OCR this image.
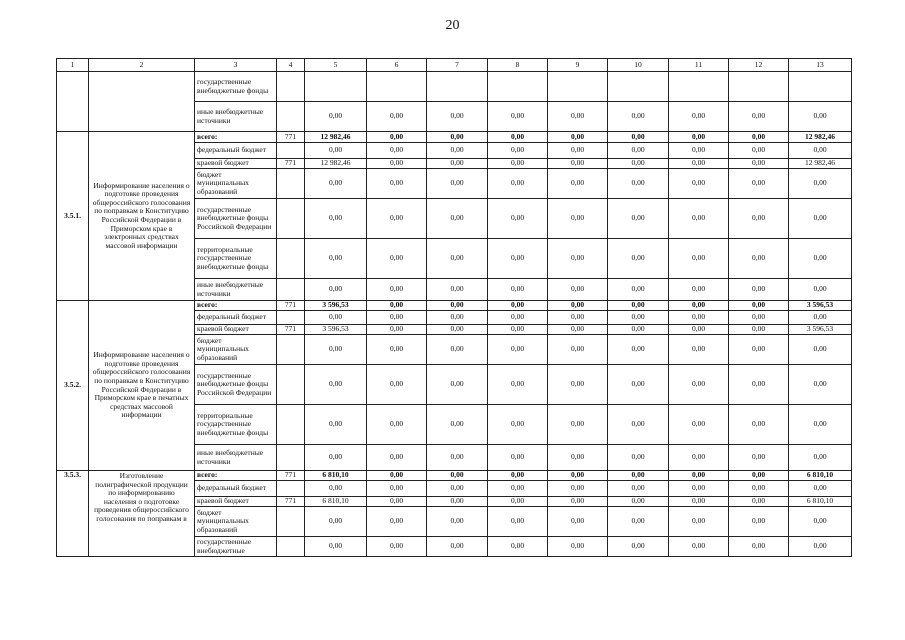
20
1	2	3	4	5	6	7	8	9	10	11	12	13
		государственные внебюджетные фонды										
		иные внебюджетные источники		0,00	0,00	0,00	0,00	0,00	0,00	0,00	0,00	0,00
3.5.1.	Информирование населения о подготовке проведения общероссийского голосования по поправкам в Конституцию Российской Федерации в Приморском крае в электронных средствах массовой информации	всего:	771	12 982,46	0,00	0,00	0,00	0,00	0,00	0,00	0,00	12 982,46
		федеральный бюджет		0,00	0,00	0,00	0,00	0,00	0,00	0,00	0,00	0,00
		краевой бюджет	771	12 982,46	0,00	0,00	0,00	0,00	0,00	0,00	0,00	12 982,46
		бюджет муниципальных образований		0,00	0,00	0,00	0,00	0,00	0,00	0,00	0,00	0,00
		государственные внебюджетные фонды Российской Федерации		0,00	0,00	0,00	0,00	0,00	0,00	0,00	0,00	0,00
		территориальные государственные внебюджетные фонды		0,00	0,00	0,00	0,00	0,00	0,00	0,00	0,00	0,00
		иные внебюджетные источники		0,00	0,00	0,00	0,00	0,00	0,00	0,00	0,00	0,00
3.5.2.	Информирование населения о подготовке проведения общероссийского голосования по поправкам в Конституцию Российской Федерации в Приморском крае в печатных средствах массовой информации	всего:	771	3 596,53	0,00	0,00	0,00	0,00	0,00	0,00	0,00	3 596,53
		федеральный бюджет		0,00	0,00	0,00	0,00	0,00	0,00	0,00	0,00	0,00
		краевой бюджет	771	3 596,53	0,00	0,00	0,00	0,00	0,00	0,00	0,00	3 596,53
		бюджет муниципальных образований		0,00	0,00	0,00	0,00	0,00	0,00	0,00	0,00	0,00
		государственные внебюджетные фонды Российской Федерации		0,00	0,00	0,00	0,00	0,00	0,00	0,00	0,00	0,00
		территориальные государственные внебюджетные фонды		0,00	0,00	0,00	0,00	0,00	0,00	0,00	0,00	0,00
		иные внебюджетные источники		0,00	0,00	0,00	0,00	0,00	0,00	0,00	0,00	0,00
3.5.3.	Изготовление полиграфической продукции по информированию населения о подготовке проведения общероссийского голосования по поправкам в	всего:	771	6 810,10	0,00	0,00	0,00	0,00	0,00	0,00	0,00	6 810,10
		федеральный бюджет		0,00	0,00	0,00	0,00	0,00	0,00	0,00	0,00	0,00
		краевой бюджет	771	6 810,10	0,00	0,00	0,00	0,00	0,00	0,00	0,00	6 810,10
		бюджет муниципальных образований		0,00	0,00	0,00	0,00	0,00	0,00	0,00	0,00	0,00
		государственные внебюджетные		0,00	0,00	0,00	0,00	0,00	0,00	0,00	0,00	0,00
